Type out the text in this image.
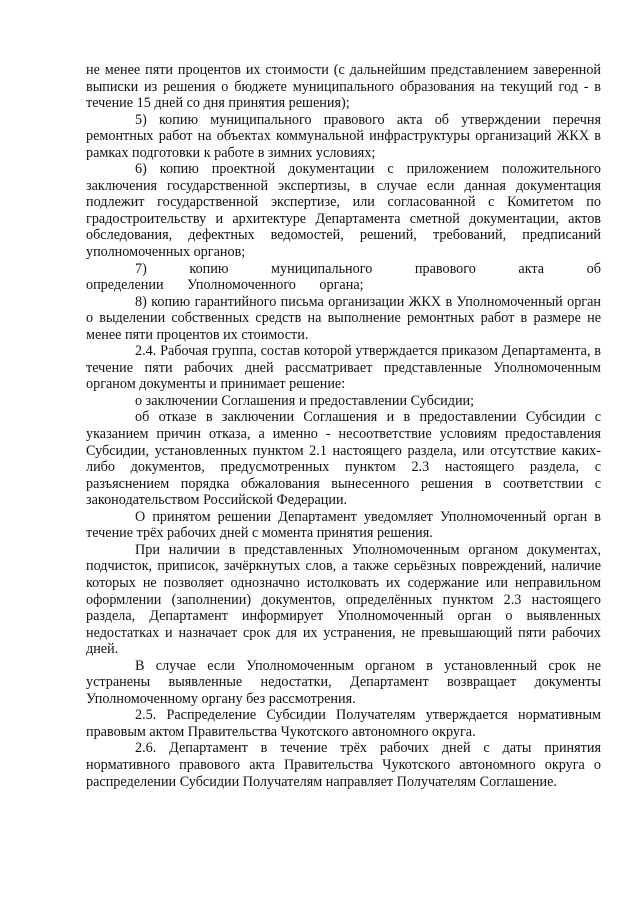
не менее пяти процентов их стоимости (с дальнейшим представлением заверенной выписки из решения о бюджете муниципального образования на текущий год - в течение 15 дней со дня принятия решения);

5) копию муниципального правового акта об утверждении перечня ремонтных работ на объектах коммунальной инфраструктуры организаций ЖКХ в рамках подготовки к работе в зимних условиях;

6) копию проектной документации с приложением положительного заключения государственной экспертизы, в случае если данная документация подлежит государственной экспертизе, или согласованной с Комитетом по градостроительству и архитектуре Департамента сметной документации, актов обследования, дефектных ведомостей, решений, требований, предписаний уполномоченных органов;

7) копию муниципального правового акта об определении Уполномоченного органа;

8) копию гарантийного письма организации ЖКХ в Уполномоченный орган о выделении собственных средств на выполнение ремонтных работ в размере не менее пяти процентов их стоимости.

2.4. Рабочая группа, состав которой утверждается приказом Департамента, в течение пяти рабочих дней рассматривает представленные Уполномоченным органом документы и принимает решение:

о заключении Соглашения и предоставлении Субсидии;

об отказе в заключении Соглашения и в предоставлении Субсидии с указанием причин отказа, а именно - несоответствие условиям предоставления Субсидии, установленных пунктом 2.1 настоящего раздела, или отсутствие каких-либо документов, предусмотренных пунктом 2.3 настоящего раздела, с разъяснением порядка обжалования вынесенного решения в соответствии с законодательством Российской Федерации.

О принятом решении Департамент уведомляет Уполномоченный орган в течение трёх рабочих дней с момента принятия решения.

При наличии в представленных Уполномоченным органом документах, подчисток, приписок, зачёркнутых слов, а также серьёзных повреждений, наличие которых не позволяет однозначно истолковать их содержание или неправильном оформлении (заполнении) документов, определённых пунктом 2.3 настоящего раздела, Департамент информирует Уполномоченный орган о выявленных недостатках и назначает срок для их устранения, не превышающий пяти рабочих дней.

В случае если Уполномоченным органом в установленный срок не устранены выявленные недостатки, Департамент возвращает документы Уполномоченному органу без рассмотрения.

2.5. Распределение Субсидии Получателям утверждается нормативным правовым актом Правительства Чукотского автономного округа.

2.6. Департамент в течение трёх рабочих дней с даты принятия нормативного правового акта Правительства Чукотского автономного округа о распределении Субсидии Получателям направляет Получателям Соглашение.
